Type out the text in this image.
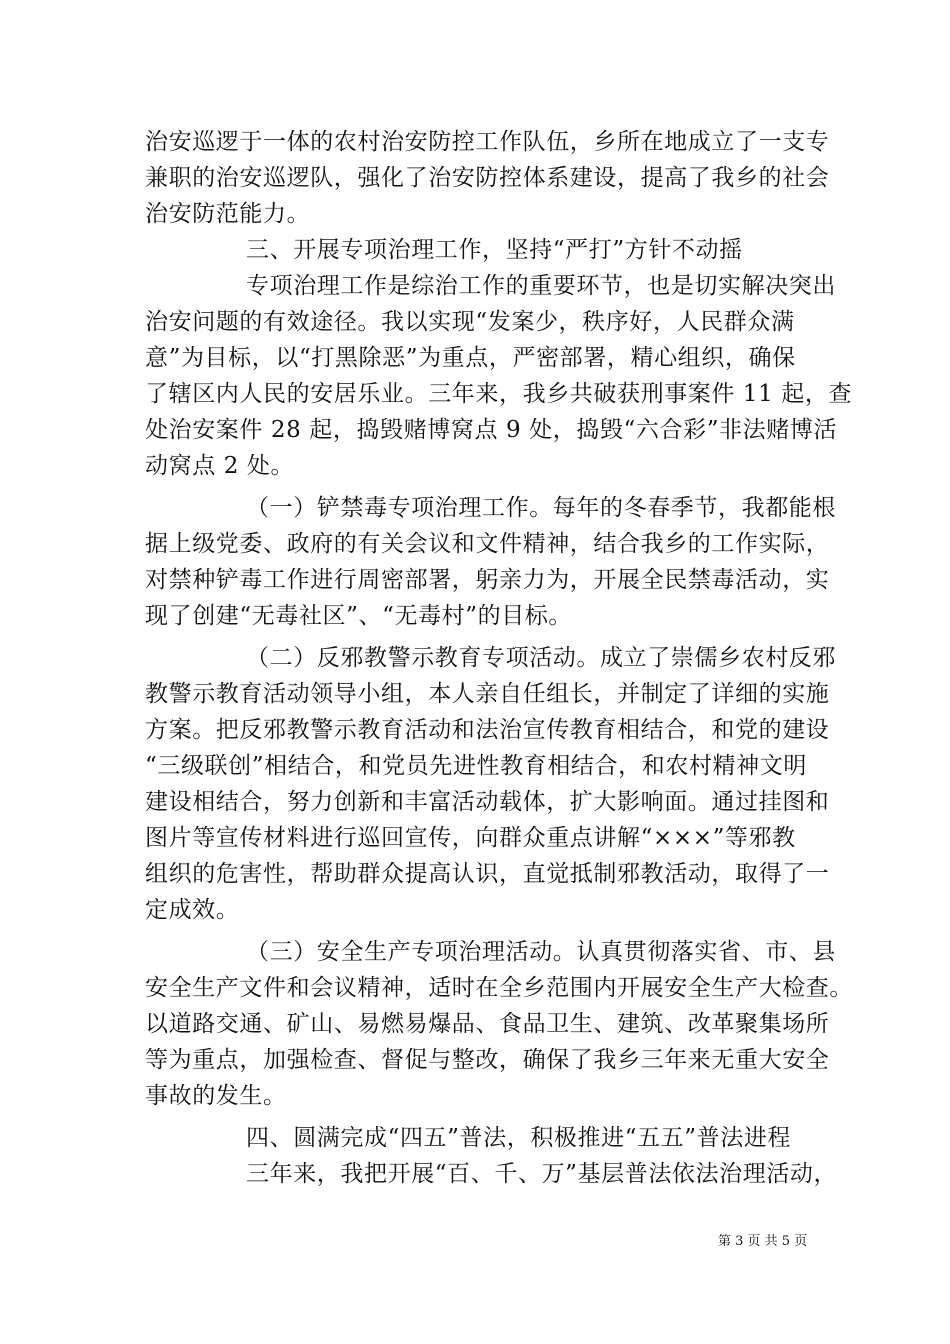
治安巡逻于一体的农村治安防控工作队伍，乡所在地成立了一支专
兼职的治安巡逻队，强化了治安防控体系建设，提高了我乡的社会
治安防范能力。
三、开展专项治理工作，坚持“严打”方针不动摇
专项治理工作是综治工作的重要环节，也是切实解决突出
治安问题的有效途径。我以实现“发案少，秩序好，人民群众满
意”为目标，以“打黑除恶”为重点，严密部署，精心组织，确保
了辖区内人民的安居乐业。三年来，我乡共破获刑事案件 11 起，查
处治安案件 28 起，捣毁赌博窝点 9 处，捣毁“六合彩”非法赌博活
动窝点 2 处。
（一）铲禁毒专项治理工作。每年的冬春季节，我都能根
据上级党委、政府的有关会议和文件精神，结合我乡的工作实际，
对禁种铲毒工作进行周密部署，躬亲力为，开展全民禁毒活动，实
现了创建“无毒社区”、“无毒村”的目标。
（二）反邪教警示教育专项活动。成立了崇儒乡农村反邪
教警示教育活动领导小组，本人亲自任组长，并制定了详细的实施
方案。把反邪教警示教育活动和法治宣传教育相结合，和党的建设
“三级联创”相结合，和党员先进性教育相结合，和农村精神文明
建设相结合，努力创新和丰富活动载体，扩大影响面。通过挂图和
图片等宣传材料进行巡回宣传，向群众重点讲解“×××”等邪教
组织的危害性，帮助群众提高认识，直觉抵制邪教活动，取得了一
定成效。
（三）安全生产专项治理活动。认真贯彻落实省、市、县
安全生产文件和会议精神，适时在全乡范围内开展安全生产大检查。
以道路交通、矿山、易燃易爆品、食品卫生、建筑、改革聚集场所
等为重点，加强检查、督促与整改，确保了我乡三年来无重大安全
事故的发生。
四、圆满完成“四五”普法，积极推进“五五”普法进程
三年来，我把开展“百、千、万”基层普法依法治理活动，
第 3 页 共 5 页
